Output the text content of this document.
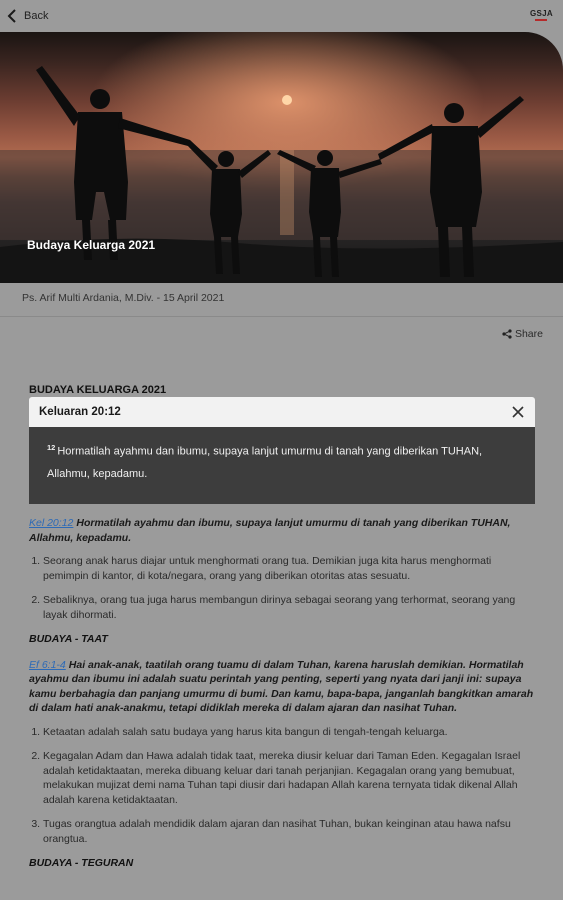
Back	GSJA
Budaya Keluarga 2021
Ps. Arif Multi Ardania, M.Div. - 15 April 2021
Share
BUDAYA KELUARGA 2021
Keluaran 20:12
$^{12}$ Hormatilah ayahmu dan ibumu, supaya lanjut umurmu di tanah yang diberikan TUHAN, Allahmu, kepadamu.

Kel 20:12 Hormatilah ayahmu dan ibumu, supaya lanjut umurmu di tanah yang diberikan TUHAN, Allahmu, kepadamu.

1. Seorang anak harus diajar untuk menghormati orang tua. Demikian juga kita harus menghormati pemimpin di kantor, di kota/negara, orang yang diberikan otoritas atas sesuatu.
2. Sebaliknya, orang tua juga harus membangun dirinya sebagai seorang yang terhormat, seorang yang layak dihormati.

BUDAYA - TAAT

Ef 6:1-4 Hai anak-anak, taatilah orang tuamu di dalam Tuhan, karena haruslah demikian. Hormatilah ayahmu dan ibumu ini adalah suatu perintah yang penting, seperti yang nyata dari janji ini: supaya kamu berbahagia dan panjang umurmu di bumi. Dan kamu, bapa-bapa, janganlah bangkitkan amarah di dalam hati anak-anakmu, tetapi didiklah mereka di dalam ajaran dan nasihat Tuhan.

1. Ketaatan adalah salah satu budaya yang harus kita bangun di tengah-tengah keluarga.
2. Kegagalan Adam dan Hawa adalah tidak taat, mereka diusir keluar dari Taman Eden. Kegagalan Israel adalah ketidaktaatan, mereka dibuang keluar dari tanah perjanjian. Kegagalan orang yang bemubuat, melakukan mujizat demi nama Tuhan tapi diusir dari hadapan Allah karena ternyata tidak dikenal Allah adalah karena ketidaktaatan.
3. Tugas orangtua adalah mendidik dalam ajaran dan nasihat Tuhan, bukan keinginan atau hawa nafsu orangtua.

BUDAYA - TEGURAN
